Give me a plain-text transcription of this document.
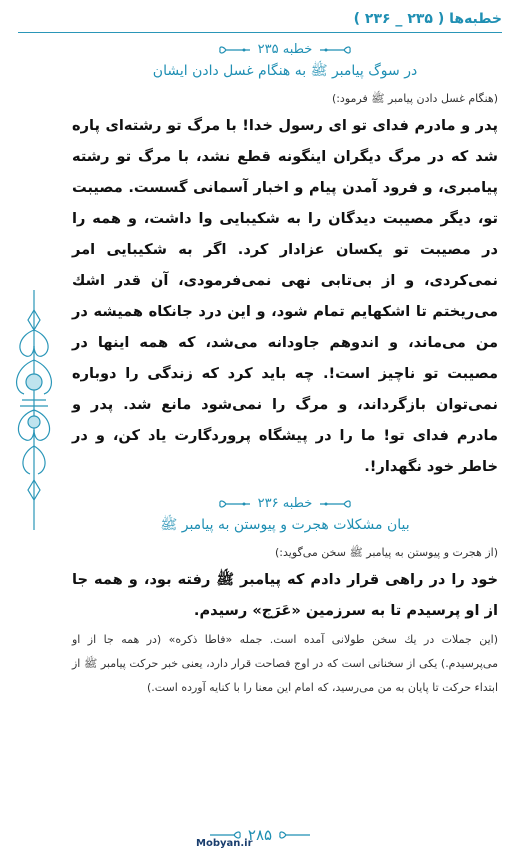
خطبه‌ها ( ۲۳۵ _ ۲۳۶ )
خطبه ۲۳۵
در سوگ پیامبر ﷺ به هنگام غسل دادن ایشان
(هنگام غسل دادن پیامبر ﷺ فرمود:)
پدر و مادرم فدای تو ای رسول خدا! با مرگ تو رشته‌ای پاره شد که در مرگ دیگران اینگونه قطع نشد، با مرگ تو رشته پیامبری، و فرود آمدن پیام و اخبار آسمانی گسست. مصیبت تو، دیگر مصیبت دیدگان را به شکیبایی وا داشت، و همه را در مصیبت تو یکسان عزادار کرد. اگر به شکیبایی امر نمی‌کردی، و از بی‌تابی نهی نمی‌فرمودی، آن قدر اشك می‌ریختم تا اشکهایم تمام شود، و این درد جانکاه همیشه در من می‌ماند، و اندوهم جاودانه می‌شد، که همه اینها در مصیبت تو ناچیز است!. چه باید کرد که زندگی را دوباره نمی‌توان بازگرداند، و مرگ را نمی‌شود مانع شد. پدر و مادرم فدای تو! ما را در پیشگاه پروردگارت یاد کن، و در خاطر خود نگهدار!.
خطبه ۲۳۶
بیان مشکلات هجرت و پیوستن به پیامبر ﷺ
(از هجرت و پیوستن به پیامبر ﷺ سخن می‌گوید:)
خود را در راهی قرار دادم که پیامبر ﷺ رفته بود، و همه جا از او پرسیدم تا به سرزمین «عَرَج» رسیدم.
(این جملات در یك سخن طولانی آمده است. جمله «فاطا ذکره» (در همه جا از او می‌پرسیدم.) یکی از سخنانی است که در اوج فصاحت قرار دارد، یعنی خبر حرکت پیامبر ﷺ از ابتداء حرکت تا پایان به من می‌رسید، که امام این معنا را با کنایه آورده است.)
۲۸۵
Mobyan.ir
